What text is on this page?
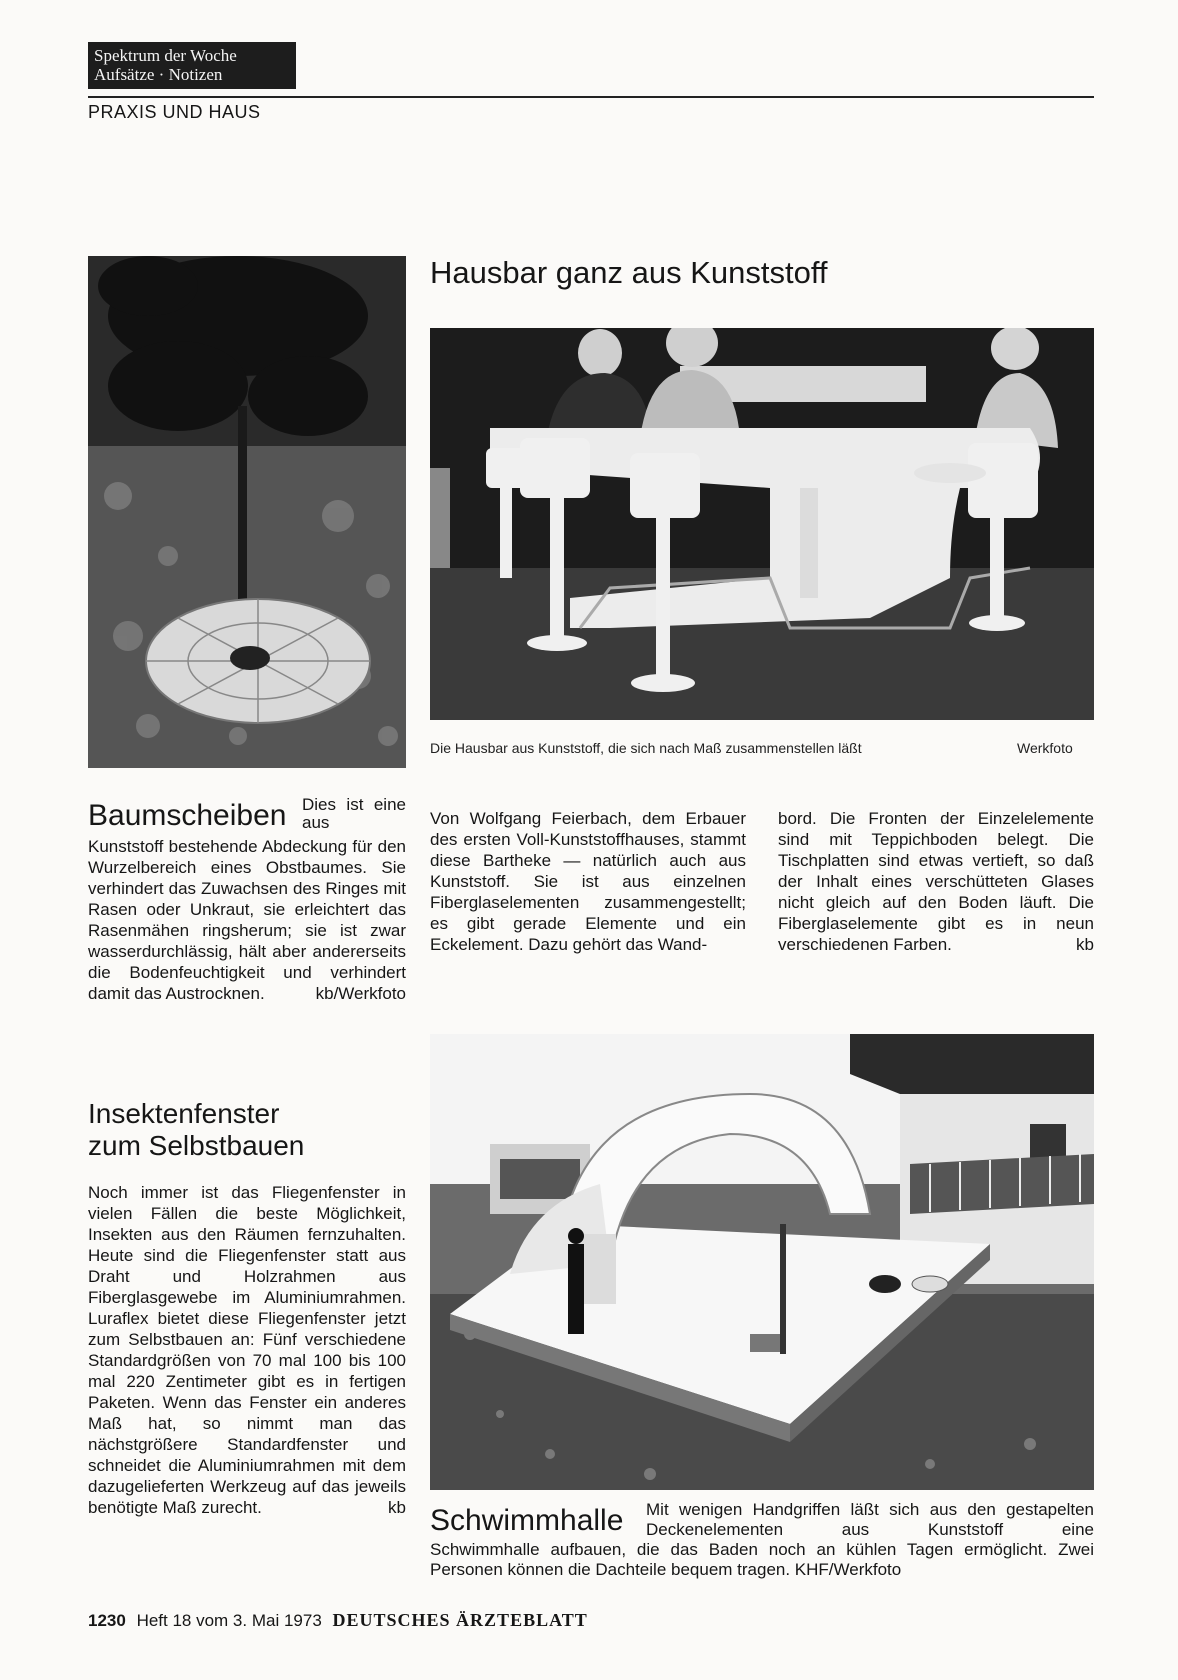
Spektrum der Woche
Aufsätze · Notizen
PRAXIS UND HAUS
Hausbar ganz aus Kunststoff
Die Hausbar aus Kunststoff, die sich nach Maß zusammenstellen läßt	Werkfoto
Von Wolfgang Feierbach, dem Erbauer des ersten Voll-Kunststoffhauses, stammt diese Bartheke — natürlich auch aus Kunststoff. Sie ist aus einzelnen Fiberglaselementen zusammengestellt; es gibt gerade Elemente und ein Eckelement. Dazu gehört das Wand-
bord. Die Fronten der Einzelelemente sind mit Teppichboden belegt. Die Tischplatten sind etwas vertieft, so daß der Inhalt eines verschütteten Glases nicht gleich auf den Boden läuft. Die Fiberglaselemente gibt es in neun verschiedenen Farben.	kb
Baumscheiben Dies ist eine aus
Kunststoff bestehende Abdeckung für den Wurzelbereich eines Obstbaumes. Sie verhindert das Zuwachsen des Ringes mit Rasen oder Unkraut, sie erleichtert das Rasenmähen ringsherum; sie ist zwar wasserdurchlässig, hält aber andererseits die Bodenfeuchtigkeit und verhindert damit das Austrocknen.	kb/Werkfoto
Insektenfenster
zum Selbstbauen
Noch immer ist das Fliegenfenster in vielen Fällen die beste Möglichkeit, Insekten aus den Räumen fernzuhalten. Heute sind die Fliegenfenster statt aus Draht und Holzrahmen aus Fiberglasgewebe im Aluminiumrahmen. Luraflex bietet diese Fliegenfenster jetzt zum Selbstbauen an: Fünf verschiedene Standardgrößen von 70 mal 100 bis 100 mal 220 Zentimeter gibt es in fertigen Paketen. Wenn das Fenster ein anderes Maß hat, so nimmt man das nächstgrößere Standardfenster und schneidet die Aluminiumrahmen mit dem dazugelieferten Werkzeug auf das jeweils benötigte Maß zurecht.	kb Schwimmhalle Mit wenigen Handgriffen läßt sich aus den gestapelten Deckenelementen aus Kunststoff eine
Schwimmhalle aufbauen, die das Baden noch an kühlen Tagen ermöglicht. Zwei Personen können die Dachteile bequem tragen. KHF/Werkfoto
1230 Heft 18 vom 3. Mai 1973 DEUTSCHES ÄRZTEBLATT
